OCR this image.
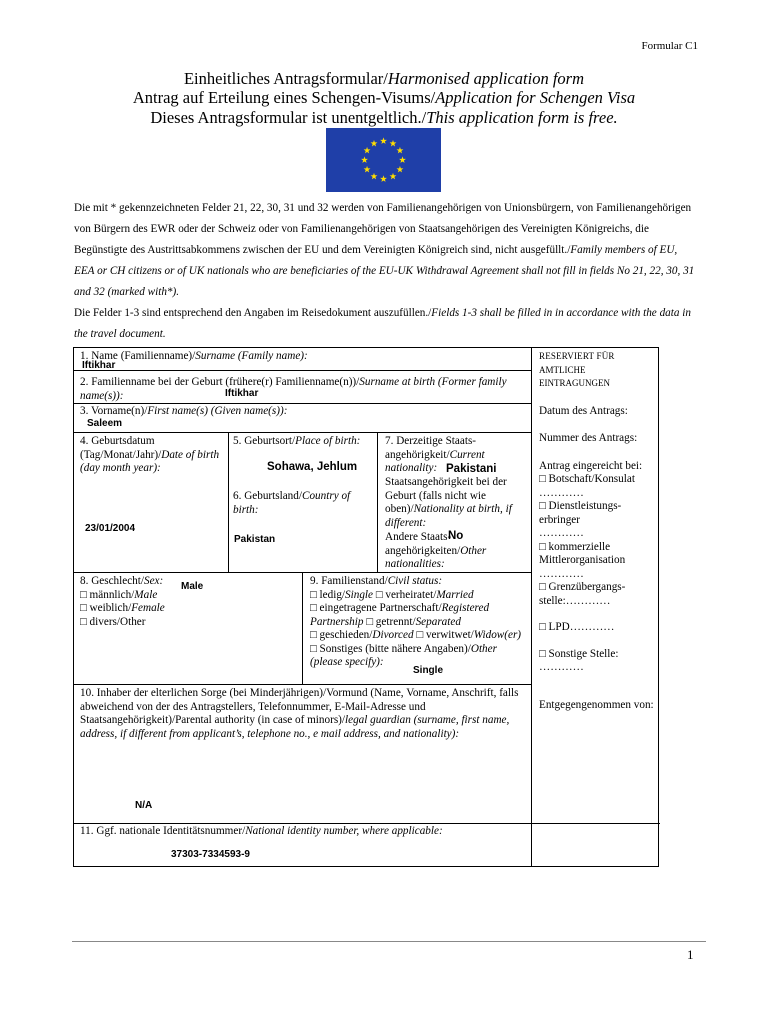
Formular C1
Einheitliches Antragsformular/Harmonised application form
Antrag auf Erteilung eines Schengen-Visums/Application for Schengen Visa
Dieses Antragsformular ist unentgeltlich./This application form is free.
Die mit * gekennzeichneten Felder 21, 22, 30, 31 und 32 werden von Familienangehörigen von Unionsbürgern, von Familienangehörigen von Bürgern des EWR oder der Schweiz oder von Familienangehörigen von Staatsangehörigen des Vereinigten Königreichs, die Begünstigte des Austrittsabkommens zwischen der EU und dem Vereinigten Königreich sind, nicht ausgefüllt./Family members of EU, EEA or CH citizens or of UK nationals who are beneficiaries of the EU-UK Withdrawal Agreement shall not fill in fields No 21, 22, 30, 31 and 32 (marked with*).
Die Felder 1-3 sind entsprechend den Angaben im Reisedokument auszufüllen./Fields 1-3 shall be filled in in accordance with the data in the travel document.
1. Name (Familienname)/Surname (Family name):
Iftikhar
2. Familienname bei der Geburt (frühere(r) Familienname(n))/Surname at birth (Former family name(s)):	Iftikhar
3. Vorname(n)/First name(s) (Given name(s)):
Saleem
4. Geburtsdatum (Tag/Monat/Jahr)/Date of birth (day month year):
23/01/2004
5. Geburtsort/Place of birth:
Sohawa, Jehlum
6. Geburtsland/Country of birth:
Pakistan
7. Derzeitige Staats-angehörigkeit/Current nationality: Pakistani
Staatsangehörigkeit bei der Geburt (falls nicht wie oben)/Nationality at birth, if different:
Andere Staats-angehörigkeiten/Other nationalities:
No
8. Geschlecht/Sex:
□ männlich/Male
□ weiblich/Female
□ divers/Other
Male	9. Familienstand/Civil status:
□ ledig/Single □ verheiratet/Married
□ eingetragene Partnerschaft/Registered Partnership □ getrennt/Separated
□ geschieden/Divorced □ verwitwet/Widow(er) □ Sonstiges (bitte nähere Angaben)/Other (please specify):
Single
10. Inhaber der elterlichen Sorge (bei Minderjährigen)/Vormund (Name, Vorname, Anschrift, falls abweichend von der des Antragstellers, Telefonnummer, E-Mail-Adresse und Staatsangehörigkeit)/Parental authority (in case of minors)/legal guardian (surname, first name, address, if different from applicant’s, telephone no., e mail address, and nationality):
N/A
11. Ggf. nationale Identitätsnummer/National identity number, where applicable:
37303-7334593-9
RESERVIERT FÜR
AMTLICHE
EINTRAGUNGEN
Datum des Antrags:
Nummer des Antrags:
Antrag eingereicht bei:
□ Botschaft/Konsulat
…………
□ Dienstleistungs-erbringer
…………
□ kommerzielle Mittlerorganisation
…………
□ Grenzübergangs-stelle:…………
□ LPD…………
□ Sonstige Stelle:
…………
Entgegengenommen von:
1
